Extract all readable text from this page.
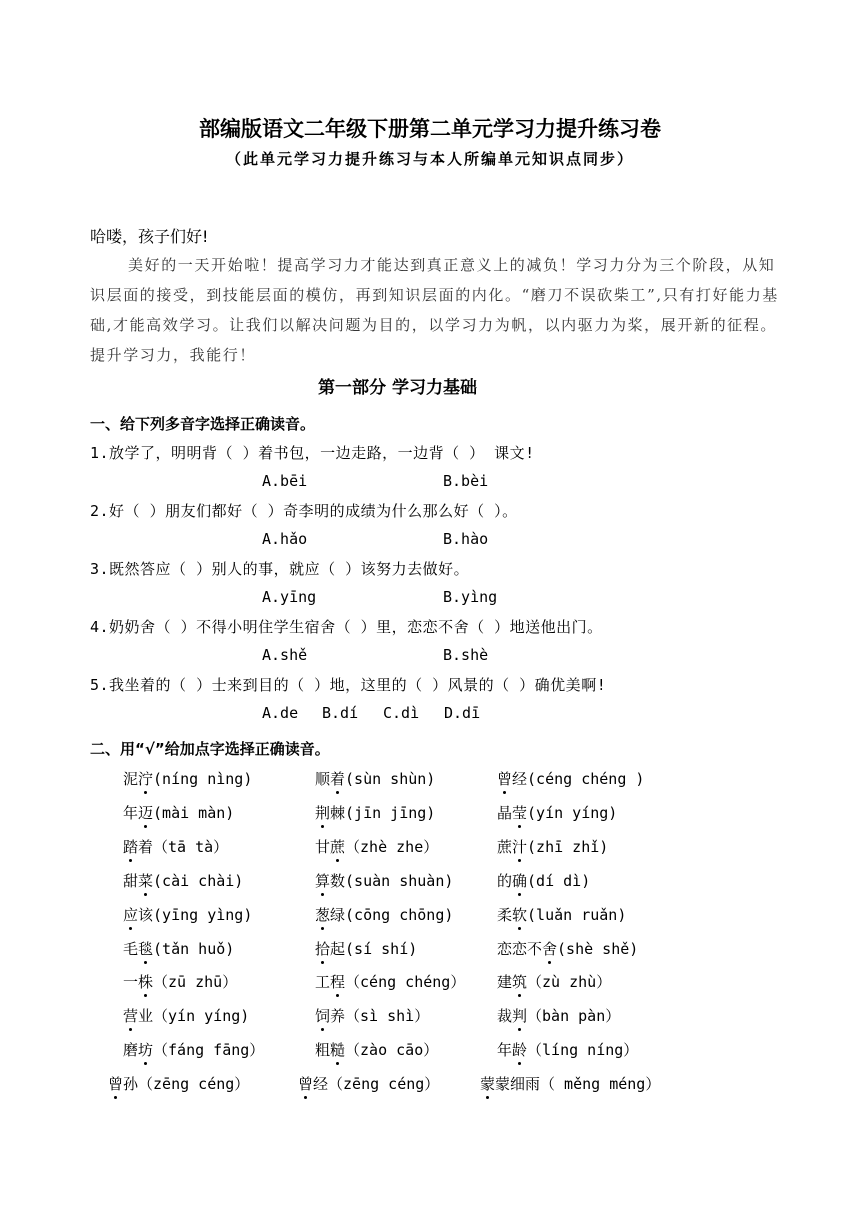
部编版语文二年级下册第二单元学习力提升练习卷
（此单元学习力提升练习与本人所编单元知识点同步）
哈喽，孩子们好!

美好的一天开始啦！提高学习力才能达到真正意义上的减负！学习力分为三个阶段，从知识层面的接受，到技能层面的模仿，再到知识层面的内化。“磨刀不误砍柴工”,只有打好能力基础,才能高效学习。让我们以解决问题为目的，以学习力为帆，以内驱力为桨，展开新的征程。提升学习力，我能行！

第一部分 学习力基础
一、给下列多音字选择正确读音。
1.放学了，明明背（ ）着书包，一边走路，一边背（ ） 课文!
A.bēi	B.bèi
2.好（ ）朋友们都好（ ）奇李明的成绩为什么那么好（ ）。
A.hǎo	B.hào
3.既然答应（ ）别人的事，就应（ ）该努力去做好。
A.yīng	B.yìng
4.奶奶舍（ ）不得小明住学生宿舍（ ）里，恋恋不舍（ ）地送他出门。
A.shě	B.shè
5.我坐着的（ ）士来到目的（ ）地，这里的（ ）风景的（ ）确优美啊!
A.de B.dí C.dì D.dī
二、用“√”给加点字选择正确读音。
泥泞(níng nìng)	顺着(sùn shùn)	曾经(céng chéng )
年迈(mài màn)	荆棘(jīn jīng)	晶莹(yín yíng)
踏着（tā tà）	甘蔗（zhè zhe）	蔗汁(zhī zhǐ)
甜菜(cài chài)	算数(suàn shuàn)	的确(dí dì)
应该(yīng yìng)	葱绿(cōng chōng)	柔软(luǎn ruǎn)
毛毯(tǎn huǒ)	拾起(sí shí)	恋恋不舍(shè shě)
一株（zū zhū）	工程（céng chéng） 建筑（zù zhù）
营业（yín yíng)	饲养（sì shì）	裁判（bàn pàn）
磨坊（fáng fāng）	粗糙（zào cāo）	年龄（líng níng）
曾孙（zēng céng）	曾经（zēng céng）	蒙蒙细雨（ měng méng）
